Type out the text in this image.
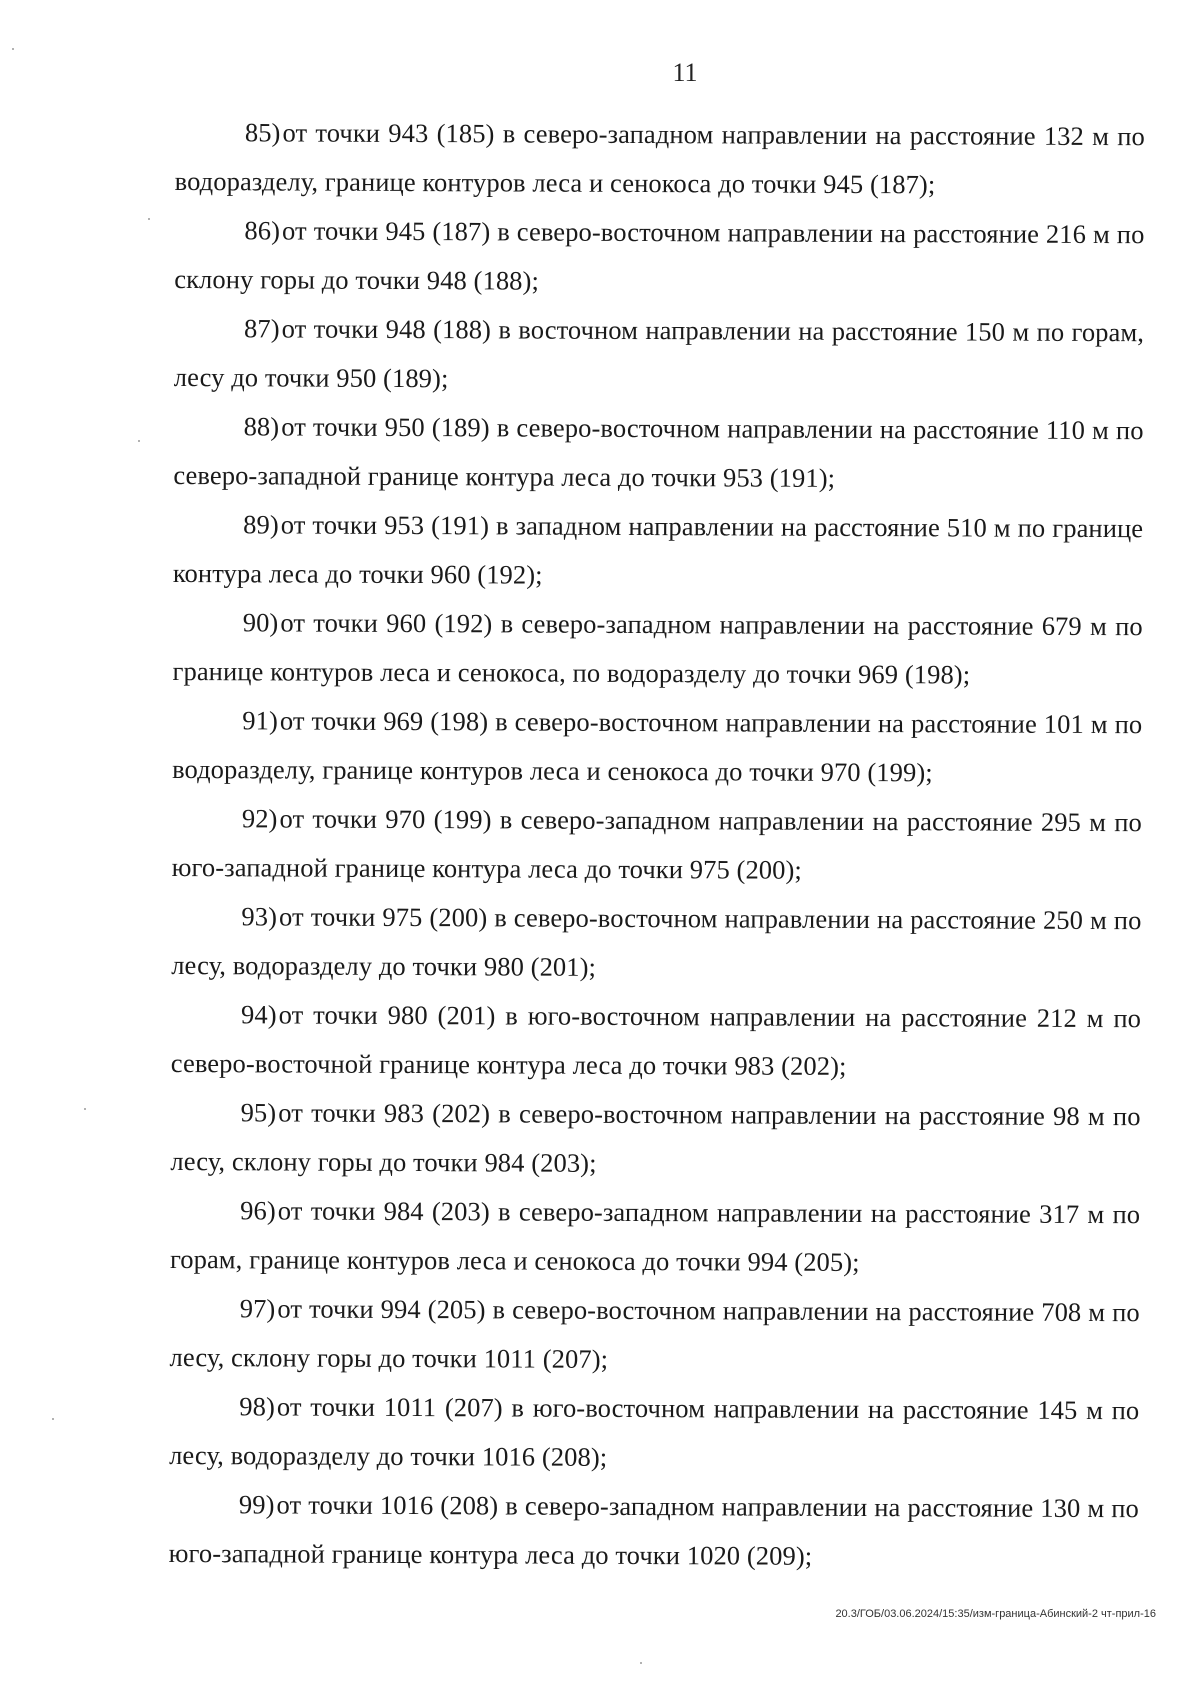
11

85)от точки 943 (185) в северо-западном направлении на расстояние 132 м по водоразделу, границе контуров леса и сенокоса до точки 945 (187);

86)от точки 945 (187) в северо-восточном направлении на расстояние 216 м по склону горы до точки 948 (188);

87)от точки 948 (188) в восточном направлении на расстояние 150 м по горам, лесу до точки 950 (189);

88)от точки 950 (189) в северо-восточном направлении на расстояние 110 м по северо-западной границе контура леса до точки 953 (191);

89)от точки 953 (191) в западном направлении на расстояние 510 м по границе контура леса до точки 960 (192);

90)от точки 960 (192) в северо-западном направлении на расстояние 679 м по границе контуров леса и сенокоса, по водоразделу до точки 969 (198);

91)от точки 969 (198) в северо-восточном направлении на расстояние 101 м по водоразделу, границе контуров леса и сенокоса до точки 970 (199);

92)от точки 970 (199) в северо-западном направлении на расстояние 295 м по юго-западной границе контура леса до точки 975 (200);

93)от точки 975 (200) в северо-восточном направлении на расстояние 250 м по лесу, водоразделу до точки 980 (201);

94)от точки 980 (201) в юго-восточном направлении на расстояние 212 м по северо-восточной границе контура леса до точки 983 (202);

95)от точки 983 (202) в северо-восточном направлении на расстояние 98 м по лесу, склону горы до точки 984 (203);

96)от точки 984 (203) в северо-западном направлении на расстояние 317 м по горам, границе контуров леса и сенокоса до точки 994 (205);

97)от точки 994 (205) в северо-восточном направлении на расстояние 708 м по лесу, склону горы до точки 1011 (207);

98)от точки 1011 (207) в юго-восточном направлении на расстояние 145 м по лесу, водоразделу до точки 1016 (208);

99)от точки 1016 (208) в северо-западном направлении на расстояние 130 м по юго-западной границе контура леса до точки 1020 (209);

20.3/ГОБ/03.06.2024/15:35/изм-граница-Абинский-2 чт-прил-16
